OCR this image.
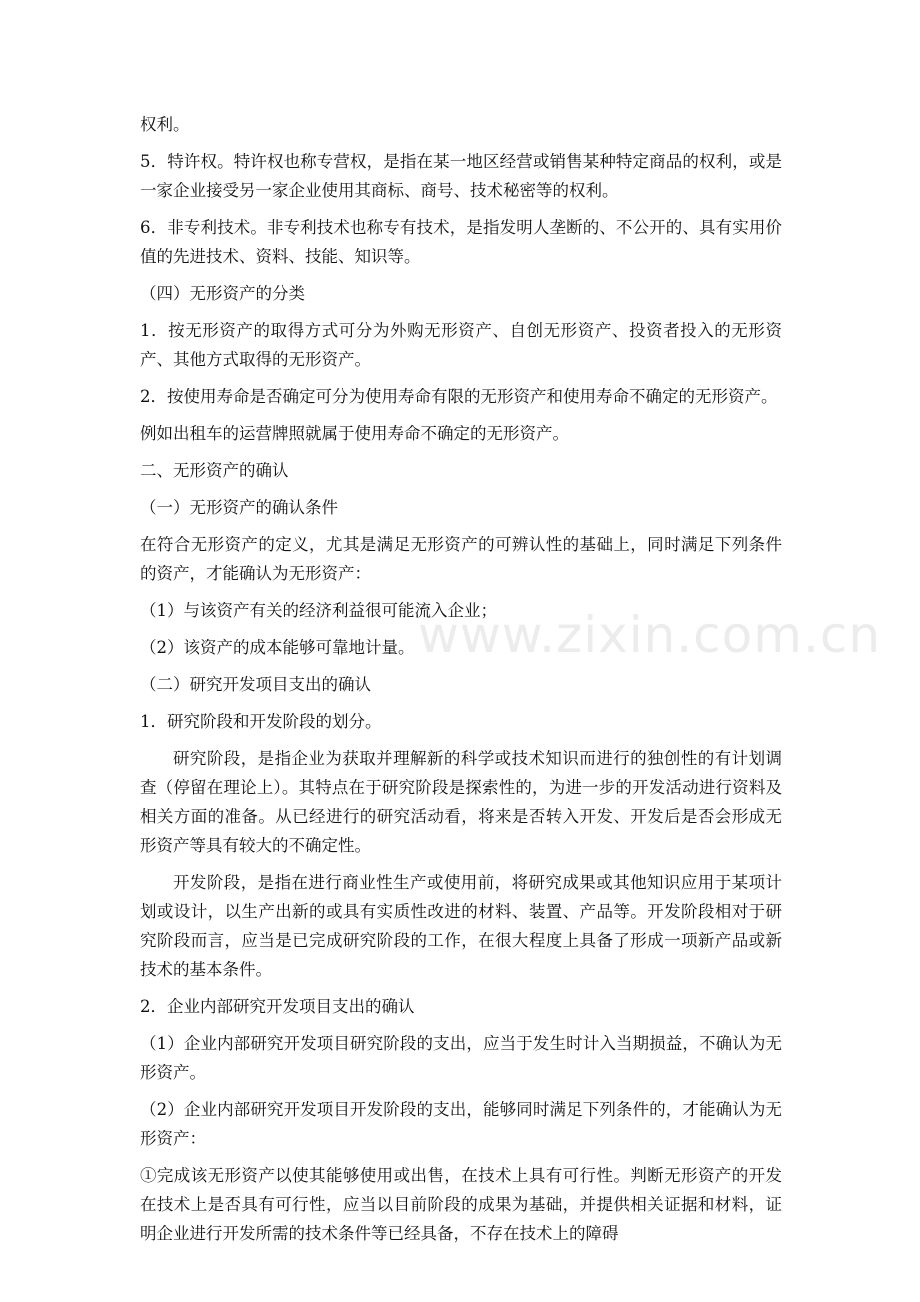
权利。

5．特许权。特许权也称专营权，是指在某一地区经营或销售某种特定商品的权利，或是一家企业接受另一家企业使用其商标、商号、技术秘密等的权利。

6．非专利技术。非专利技术也称专有技术，是指发明人垄断的、不公开的、具有实用价值的先进技术、资料、技能、知识等。

（四）无形资产的分类

1．按无形资产的取得方式可分为外购无形资产、自创无形资产、投资者投入的无形资产、其他方式取得的无形资产。

2．按使用寿命是否确定可分为使用寿命有限的无形资产和使用寿命不确定的无形资产。

例如出租车的运营牌照就属于使用寿命不确定的无形资产。

二、无形资产的确认

（一）无形资产的确认条件

在符合无形资产的定义，尤其是满足无形资产的可辨认性的基础上，同时满足下列条件的资产，才能确认为无形资产：

（1）与该资产有关的经济利益很可能流入企业；

（2）该资产的成本能够可靠地计量。

（二）研究开发项目支出的确认

1．研究阶段和开发阶段的划分。

研究阶段，是指企业为获取并理解新的科学或技术知识而进行的独创性的有计划调查（停留在理论上）。其特点在于研究阶段是探索性的，为进一步的开发活动进行资料及相关方面的准备。从已经进行的研究活动看，将来是否转入开发、开发后是否会形成无形资产等具有较大的不确定性。

开发阶段，是指在进行商业性生产或使用前，将研究成果或其他知识应用于某项计划或设计，以生产出新的或具有实质性改进的材料、装置、产品等。开发阶段相对于研究阶段而言，应当是已完成研究阶段的工作，在很大程度上具备了形成一项新产品或新技术的基本条件。

2．企业内部研究开发项目支出的确认

（1）企业内部研究开发项目研究阶段的支出，应当于发生时计入当期损益，不确认为无形资产。

（2）企业内部研究开发项目开发阶段的支出，能够同时满足下列条件的，才能确认为无形资产：

①完成该无形资产以使其能够使用或出售，在技术上具有可行性。判断无形资产的开发在技术上是否具有可行性，应当以目前阶段的成果为基础，并提供相关证据和材料，证明企业进行开发所需的技术条件等已经具备，不存在技术上的障碍

www.zixin.com.cn
